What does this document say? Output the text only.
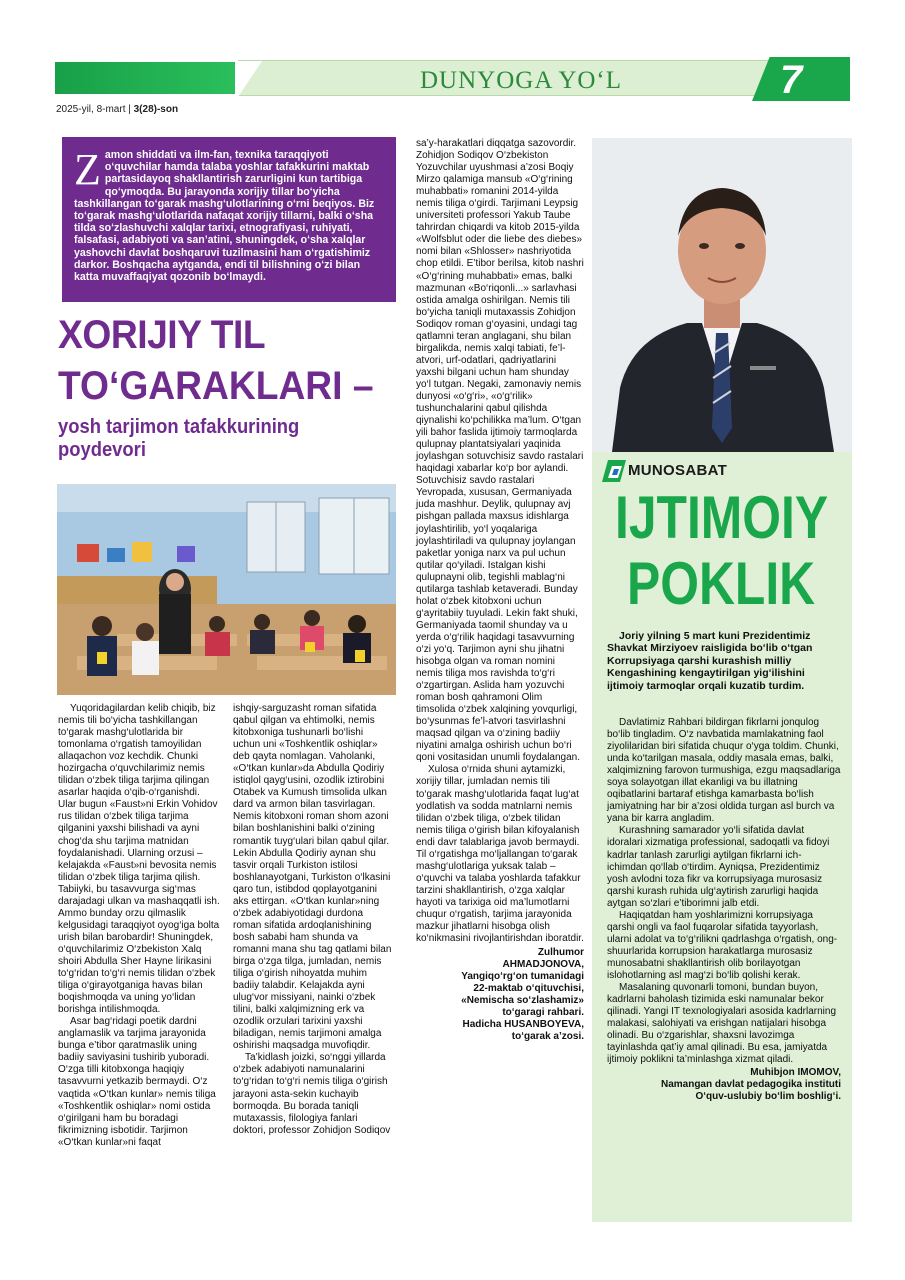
DUNYOGA YO‘L	7
2025-yil, 8-mart | 3(28)-son
Zamon shiddati va ilm-fan, texnika taraqqiyoti o‘quvchilar hamda talaba yoshlar tafakkurini maktab partasidayoq shakllantirish zarurligini kun tartibiga qo‘ymoqda. Bu jarayonda xorijiy tillar bo‘yicha tashkillangan to‘garak mashg‘ulotlarining o‘rni beqiyos. Biz to‘garak mashg‘ulotlarida nafaqat xorijiy tillarni, balki o‘sha tilda so‘zlashuvchi xalqlar tarixi, etnografiyasi, ruhiyati, falsafasi, adabiyoti va san’atini, shuningdek, o‘sha xalqlar yashovchi davlat boshqaruvi tuzilmasini ham o‘rgatishimiz darkor. Boshqacha aytganda, endi til bilishning o‘zi bilan katta muvaffaqiyat qozonib bo‘lmaydi.
XORIJIY TIL
TO‘GARAKLARI –
yosh tarjimon tafakkurining poydevori

Yuqoridagilardan kelib chiqib, biz nemis tili bo‘yicha tashkillangan to‘garak mashg‘ulotlarida bir tomonlama o‘rgatish tamoyilidan allaqachon voz kechdik. Chunki hozirgacha o‘quvchilarimiz nemis tilidan o‘zbek tiliga tarjima qilingan asarlar haqida o‘qib-o‘rganishdi. Ular bugun «Faust»ni Erkin Vohidov rus tilidan o‘zbek tiliga tarjima qilganini yaxshi bilishadi va ayni chog‘da shu tarjima matnidan foydalanishadi. Ularning orzusi – kelajakda «Faust»ni bevosita nemis tilidan o‘zbek tiliga tarjima qilish. Tabiiyki, bu tasavvurga sig‘mas darajadagi ulkan va mashaqqatli ish. Ammo bunday orzu qilmaslik kelgusidagi taraqqiyot oyog‘iga bolta urish bilan barobardir! Shuningdek, o‘quvchilarimiz O‘zbekiston Xalq shoiri Abdulla Sher Hayne lirikasini to‘g‘ridan to‘g‘ri nemis tilidan o‘zbek tiliga o‘girayotganiga havas bilan boqishmoqda va uning yo‘lidan borishga intilishmoqda.

Asar bag‘ridagi poetik dardni anglamaslik va tarjima jarayonida bunga e’tibor qaratmaslik uning badiiy saviyasini tushirib yuboradi. O‘zga tilli kitobxonga haqiqiy tasavvurni yetkazib bermaydi. O‘z vaqtida «O‘tkan kunlar» nemis tiliga «Toshkentlik oshiqlar» nomi ostida o‘girilgani ham bu boradagi fikrimizning isbotidir. Tarjimon «O‘tkan kunlar»ni faqat

ishqiy-sarguzasht roman sifatida qabul qilgan va ehtimolki, nemis kitobxoniga tushunarli bo‘lishi uchun uni «Toshkentlik oshiqlar» deb qayta nomlagan. Vaholanki, «O‘tkan kunlar»da Abdulla Qodiriy istiqlol qayg‘usini, ozodlik iztirobini Otabek va Kumush timsolida ulkan dard va armon bilan tasvirlagan. Nemis kitobxoni roman shom azoni bilan boshlanishini balki o‘zining romantik tuyg‘ulari bilan qabul qilar. Lekin Abdulla Qodiriy aynan shu tasvir orqali Turkiston istilosi boshlanayotgani, Turkiston o‘lkasini qaro tun, istibdod qoplayotganini aks ettirgan. «O‘tkan kunlar»ning o‘zbek adabiyotidagi durdona roman sifatida ardoqlanishining bosh sababi ham shunda va romanni mana shu tag qatlami bilan birga o‘zga tilga, jumladan, nemis tiliga o‘girish nihoyatda muhim badiiy talabdir. Kelajakda ayni ulug‘vor missiyani, nainki o‘zbek tilini, balki xalqimizning erk va ozodlik orzulari tarixini yaxshi biladigan, nemis tarjimoni amalga oshirishi maqsadga muvofiqdir.

Ta’kidlash joizki, so‘nggi yillarda o‘zbek adabiyoti namunalarini to‘g‘ridan to‘g‘ri nemis tiliga o‘girish jarayoni asta-sekin kuchayib bormoqda. Bu borada taniqli mutaxassis, filologiya fanlari doktori, professor Zohidjon Sodiqov

sa’y-harakatlari diqqatga sazovordir. Zohidjon Sodiqov O‘zbekiston Yozuvchilar uyushmasi a’zosi Boqiy Mirzo qalamiga mansub «O‘g‘rining muhabbati» romanini 2014-yilda nemis tiliga o‘girdi. Tarjimani Leypsig universiteti professori Yakub Taube tahrirdan chiqardi va kitob 2015-yilda «Wolfsblut oder die liebe des diebes» nomi bilan «Shlosser» nashriyotida chop etildi. E’tibor berilsa, kitob nashri «O‘g‘rining muhabbati» emas, balki mazmunan «Bo‘riqonli...» sarlavhasi ostida amalga oshirilgan. Nemis tili bo‘yicha taniqli mutaxassis Zohidjon Sodiqov roman g‘oyasini, undagi tag qatlamni teran anglagani, shu bilan birgalikda, nemis xalqi tabiati, fe’l-atvori, urf-odatlari, qadriyatlarini yaxshi bilgani uchun ham shunday yo‘l tutgan. Negaki, zamonaviy nemis dunyosi «o‘g‘ri», «o‘g‘rilik» tushunchalarini qabul qilishda qiynalishi ko‘pchilikka ma’lum. O‘tgan yili bahor faslida ijtimoiy tarmoqlarda qulupnay plantatsiyalari yaqinida joylashgan sotuvchisiz savdo rastalari haqidagi xabarlar ko‘p bor aylandi. Sotuvchisiz savdo rastalari Yevropada, xususan, Germaniyada juda mashhur. Deylik, qulupnay avj pishgan pallada maxsus idishlarga joylashtirilib, yo‘l yoqalariga joylashtiriladi va qulupnay joylangan paketlar yoniga narx va pul uchun qutilar qo‘yiladi. Istalgan kishi qulupnayni olib, tegishli mablag‘ni qutilarga tashlab ketaveradi. Bunday holat o‘zbek kitobxoni uchun g‘ayritabiiy tuyuladi. Lekin fakt shuki, Germaniyada taomil shunday va u yerda o‘g‘rilik haqidagi tasavvurning o‘zi yo‘q. Tarjimon ayni shu jihatni hisobga olgan va roman nomini nemis tiliga mos ravishda to‘g‘ri o‘zgartirgan. Aslida ham yozuvchi roman bosh qahramoni Olim timsolida o‘zbek xalqining yovqurligi, bo‘ysunmas fe’l-atvori tasvirlashni maqsad qilgan va o‘zining badiiy niyatini amalga oshirish uchun bo‘ri qoni vositasidan unumli foydalangan.

Xulosa o‘rnida shuni aytamizki, xorijiy tillar, jumladan nemis tili to‘garak mashg‘ulotlarida faqat lug‘at yodlatish va sodda matnlarni nemis tilidan o‘zbek tiliga, o‘zbek tilidan nemis tiliga o‘girish bilan kifoyalanish endi davr talablariga javob bermaydi. Til o‘rgatishga mo‘ljallangan to‘garak mashg‘ulotlariga yuksak talab – o‘quvchi va talaba yoshlarda tafakkur tarzini shakllantirish, o‘zga xalqlar hayoti va tarixiga oid ma’lumotlarni chuqur o‘rgatish, tarjima jarayonida mazkur jihatlarni hisobga olish ko‘nikmasini rivojlantirishdan iboratdir.

Zulhumor
AHMADJONOVA,
Yangiqo‘rg‘on tumanidagi
22-maktab o‘qituvchisi,
«Nemischa so‘zlashamiz»
to‘garagi rahbari.
Hadicha HUSANBOYEVA,
to‘garak a’zosi.
MUNOSABAT
IJTIMOIY
POKLIK
Joriy yilning 5 mart kuni Prezidentimiz Shavkat Mirziyoev raisligida bo‘lib o‘tgan Korrupsiyaga qarshi kurashish milliy Kengashining kengaytirilgan yig‘ilishini ijtimoiy tarmoqlar orqali kuzatib turdim.

Davlatimiz Rahbari bildirgan fikrlarni jonqulog bo‘lib tingladim. O‘z navbatida mamlakatning faol ziyolilaridan biri sifatida chuqur o‘yga toldim. Chunki, unda ko‘tarilgan masala, oddiy masala emas, balki, xalqimizning farovon turmushiga, ezgu maqsadlariga soya solayotgan illat ekanligi va bu illatning oqibatlarini bartaraf etishga kamarbasta bo‘lish jamiyatning har bir a’zosi oldida turgan asl burch va yana bir karra angladim.

Kurashning samarador yo‘li sifatida davlat idoralari xizmatiga professional, sadoqatli va fidoyi kadrlar tanlash zarurligi aytilgan fikrlarni ich-ichimdan qo‘llab o‘tirdim. Ayniqsa, Prezidentimiz yosh avlodni toza fikr va korrupsiyaga murosasiz qarshi kurash ruhida ulg‘aytirish zarurligi haqida aytgan so‘zlari e’tiborimni jalb etdi.

Haqiqatdan ham yoshlarimizni korrupsiyaga qarshi ongli va faol fuqarolar sifatida tayyorlash, ularni adolat va to‘g‘rilikni qadrlashga o‘rgatish, ong-shuurlarida korrupsion harakatlarga murosasiz munosabatni shakllantirish olib borilayotgan islohotlarning asl mag‘zi bo‘lib qolishi kerak.

Masalaning quvonarli tomoni, bundan buyon, kadrlarni baholash tizimida eski namunalar bekor qilinadi. Yangi IT texnologiyalari asosida kadrlarning malakasi, salohiyati va erishgan natijalari hisobga olinadi. Bu o‘zgarishlar, shaxsni lavozimga tayinlashda qat’iy amal qilinadi. Bu esa, jamiyatda ijtimoiy poklikni ta’minlashga xizmat qiladi.

Muhibjon IMOMOV,
Namangan davlat pedagogika instituti
O‘quv-uslubiy bo‘lim boshlig‘i.
